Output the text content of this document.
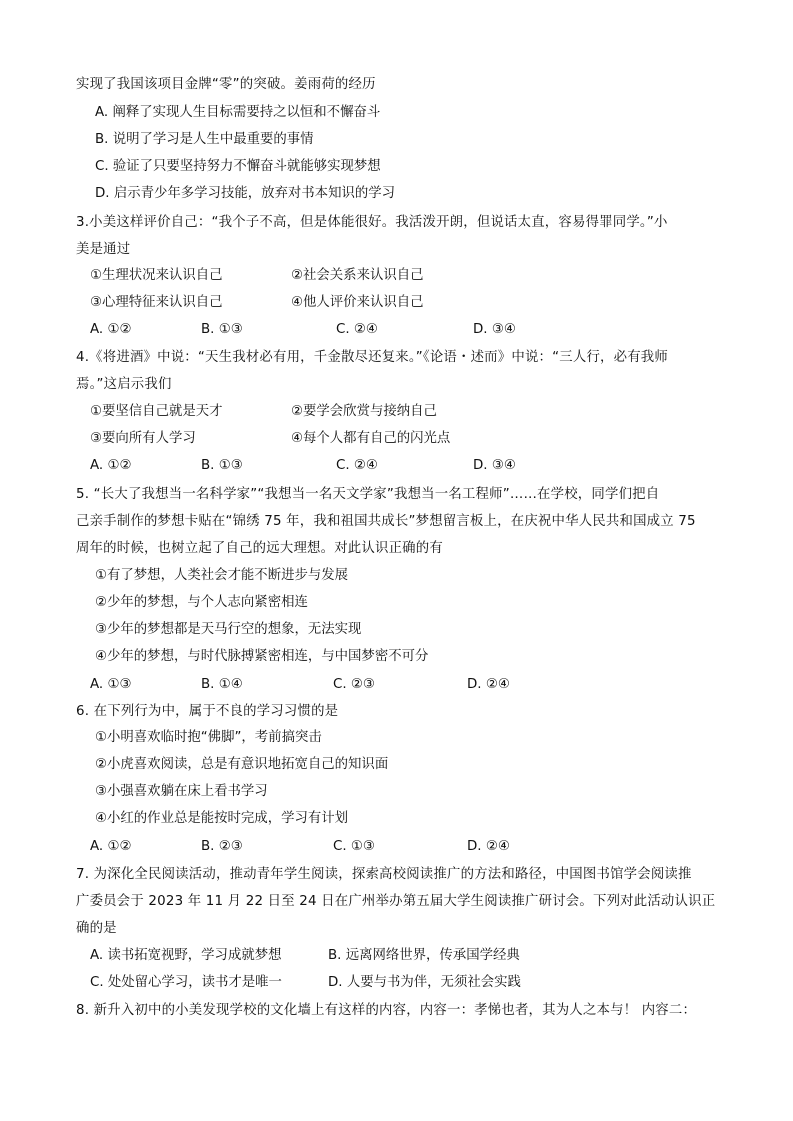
实现了我国该项目金牌“零”的突破。姜雨荷的经历
A. 阐释了实现人生目标需要持之以恒和不懈奋斗
B. 说明了学习是人生中最重要的事情
C. 验证了只要坚持努力不懈奋斗就能够实现梦想
D. 启示青少年多学习技能，放弃对书本知识的学习
3.小美这样评价自己：“我个子不高，但是体能很好。我活泼开朗，但说话太直，容易得罪同学。”小
美是通过
①生理状况来认识自己	②社会关系来认识自己
③心理特征来认识自己	④他人评价来认识自己
A. ①②	B. ①③	C. ②④	D. ③④
4.《将进酒》中说：“天生我材必有用，千金散尽还复来。”《论语・述而》中说：“三人行，必有我师
焉。”这启示我们
①要坚信自己就是天才	②要学会欣赏与接纳自己
③要向所有人学习	④每个人都有自己的闪光点
A. ①②	B. ①③	C. ②④	D. ③④
5. “长大了我想当一名科学家”“我想当一名天文学家”我想当一名工程师”……在学校，同学们把自
己亲手制作的梦想卡贴在“锦绣 75 年，我和祖国共成长”梦想留言板上，在庆祝中华人民共和国成立 75
周年的时候，也树立起了自己的远大理想。对此认识正确的有
①有了梦想，人类社会才能不断进步与发展
②少年的梦想，与个人志向紧密相连
③少年的梦想都是天马行空的想象，无法实现
④少年的梦想，与时代脉搏紧密相连，与中国梦密不可分
A. ①③	B. ①④	C. ②③	D. ②④
6. 在下列行为中，属于不良的学习习惯的是
①小明喜欢临时抱“佛脚”，考前搞突击
②小虎喜欢阅读，总是有意识地拓宽自己的知识面
③小强喜欢躺在床上看书学习
④小红的作业总是能按时完成，学习有计划
A. ①②	B. ②③	C. ①③	D. ②④
7. 为深化全民阅读活动，推动青年学生阅读，探索高校阅读推广的方法和路径，中国图书馆学会阅读推
广委员会于 2023 年 11 月 22 日至 24 日在广州举办第五届大学生阅读推广研讨会。下列对此活动认识正
确的是
A. 读书拓宽视野，学习成就梦想	B. 远离网络世界，传承国学经典
C. 处处留心学习，读书才是唯一	D. 人要与书为伴，无须社会实践
8. 新升入初中的小美发现学校的文化墙上有这样的内容，内容一：孝悌也者，其为人之本与！ 内容二：
